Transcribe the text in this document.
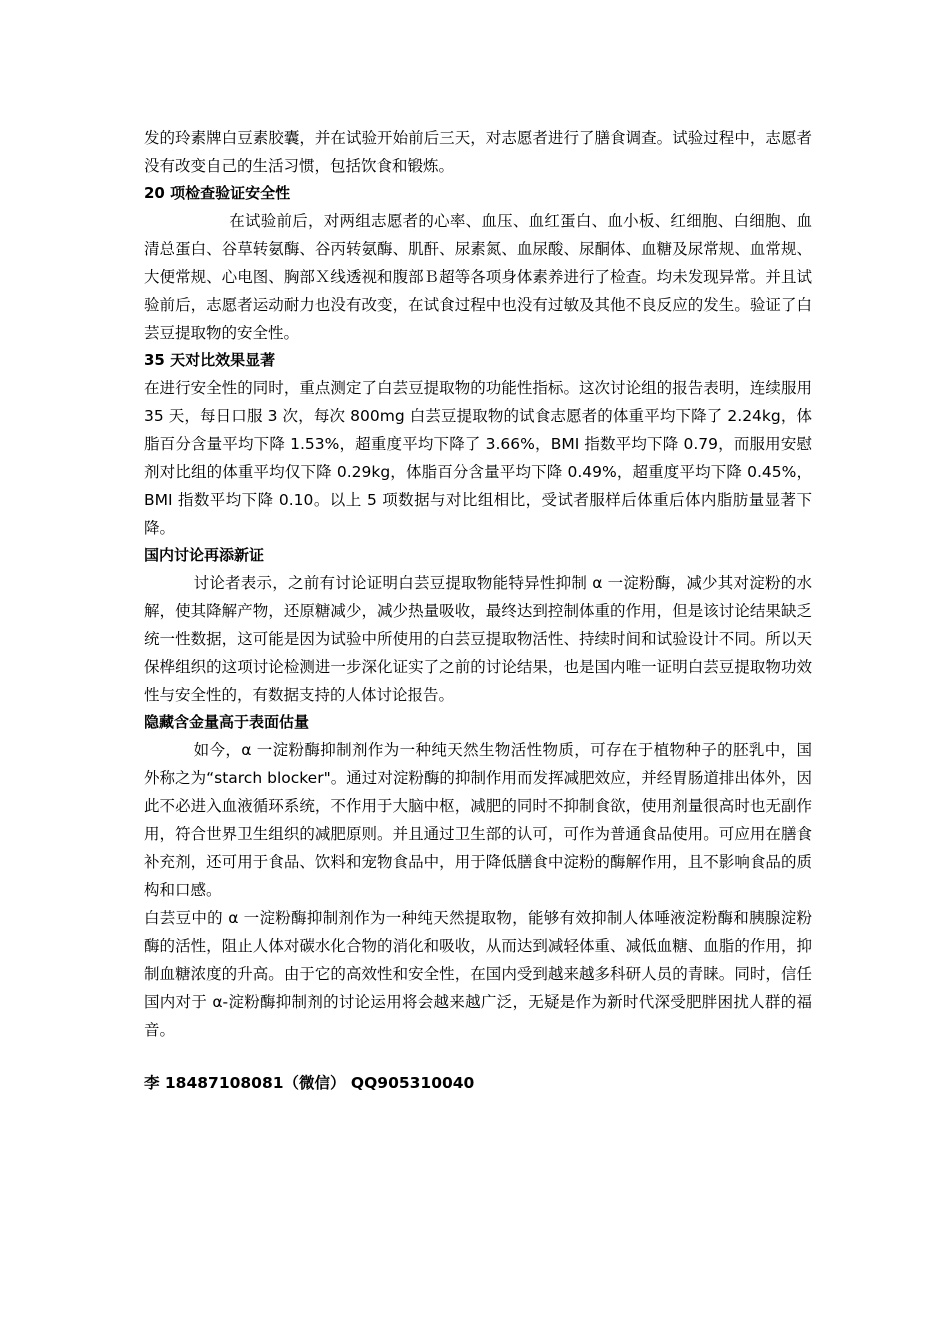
发的玲素牌白豆素胶囊，并在试验开始前后三天，对志愿者进行了膳食调查。试验过程中，志愿者没有改变自己的生活习惯，包括饮食和锻炼。

20 项检查验证安全性

在试验前后，对两组志愿者的心率、血压、血红蛋白、血小板、红细胞、白细胞、血清总蛋白、谷草转氨酶、谷丙转氨酶、肌酐、尿素氮、血尿酸、尿酮体、血糖及尿常规、血常规、大便常规、心电图、胸部Ｘ线透视和腹部Ｂ超等各项身体素养进行了检查。均未发现异常。并且试验前后，志愿者运动耐力也没有改变，在试食过程中也没有过敏及其他不良反应的发生。验证了白芸豆提取物的安全性。

35 天对比效果显著

在进行安全性的同时，重点测定了白芸豆提取物的功能性指标。这次讨论组的报告表明，连续服用 35 天，每日口服 3 次，每次 800mg 白芸豆提取物的试食志愿者的体重平均下降了 2.24kg，体脂百分含量平均下降 1.53%，超重度平均下降了 3.66%，BMI 指数平均下降 0.79，而服用安慰剂对比组的体重平均仅下降 0.29kg，体脂百分含量平均下降 0.49%，超重度平均下降 0.45%，BMI 指数平均下降 0.10。以上 5 项数据与对比组相比，受试者服样后体重后体内脂肪量显著下降。

国内讨论再添新证

讨论者表示，之前有讨论证明白芸豆提取物能特异性抑制 α 一淀粉酶，减少其对淀粉的水解，使其降解产物，还原糖减少，减少热量吸收，最终达到控制体重的作用，但是该讨论结果缺乏统一性数据，这可能是因为试验中所使用的白芸豆提取物活性、持续时间和试验设计不同。所以天保桦组织的这项讨论检测进一步深化证实了之前的讨论结果，也是国内唯一证明白芸豆提取物功效性与安全性的，有数据支持的人体讨论报告。

隐藏含金量高于表面估量

如今，α 一淀粉酶抑制剂作为一种纯天然生物活性物质，可存在于植物种子的胚乳中，国外称之为“starch blocker"。通过对淀粉酶的抑制作用而发挥减肥效应，并经胃肠道排出体外，因此不必进入血液循环系统，不作用于大脑中枢，减肥的同时不抑制食欲，使用剂量很高时也无副作用，符合世界卫生组织的减肥原则。并且通过卫生部的认可，可作为普通食品使用。可应用在膳食补充剂，还可用于食品、饮料和宠物食品中，用于降低膳食中淀粉的酶解作用，且不影响食品的质构和口感。

白芸豆中的 α 一淀粉酶抑制剂作为一种纯天然提取物，能够有效抑制人体唾液淀粉酶和胰腺淀粉酶的活性，阻止人体对碳水化合物的消化和吸收，从而达到减轻体重、减低血糖、血脂的作用，抑制血糖浓度的升高。由于它的高效性和安全性，在国内受到越来越多科研人员的青睐。同时，信任国内对于 α-淀粉酶抑制剂的讨论运用将会越来越广泛，无疑是作为新时代深受肥胖困扰人群的福音。

李 18487108081（微信） QQ905310040
